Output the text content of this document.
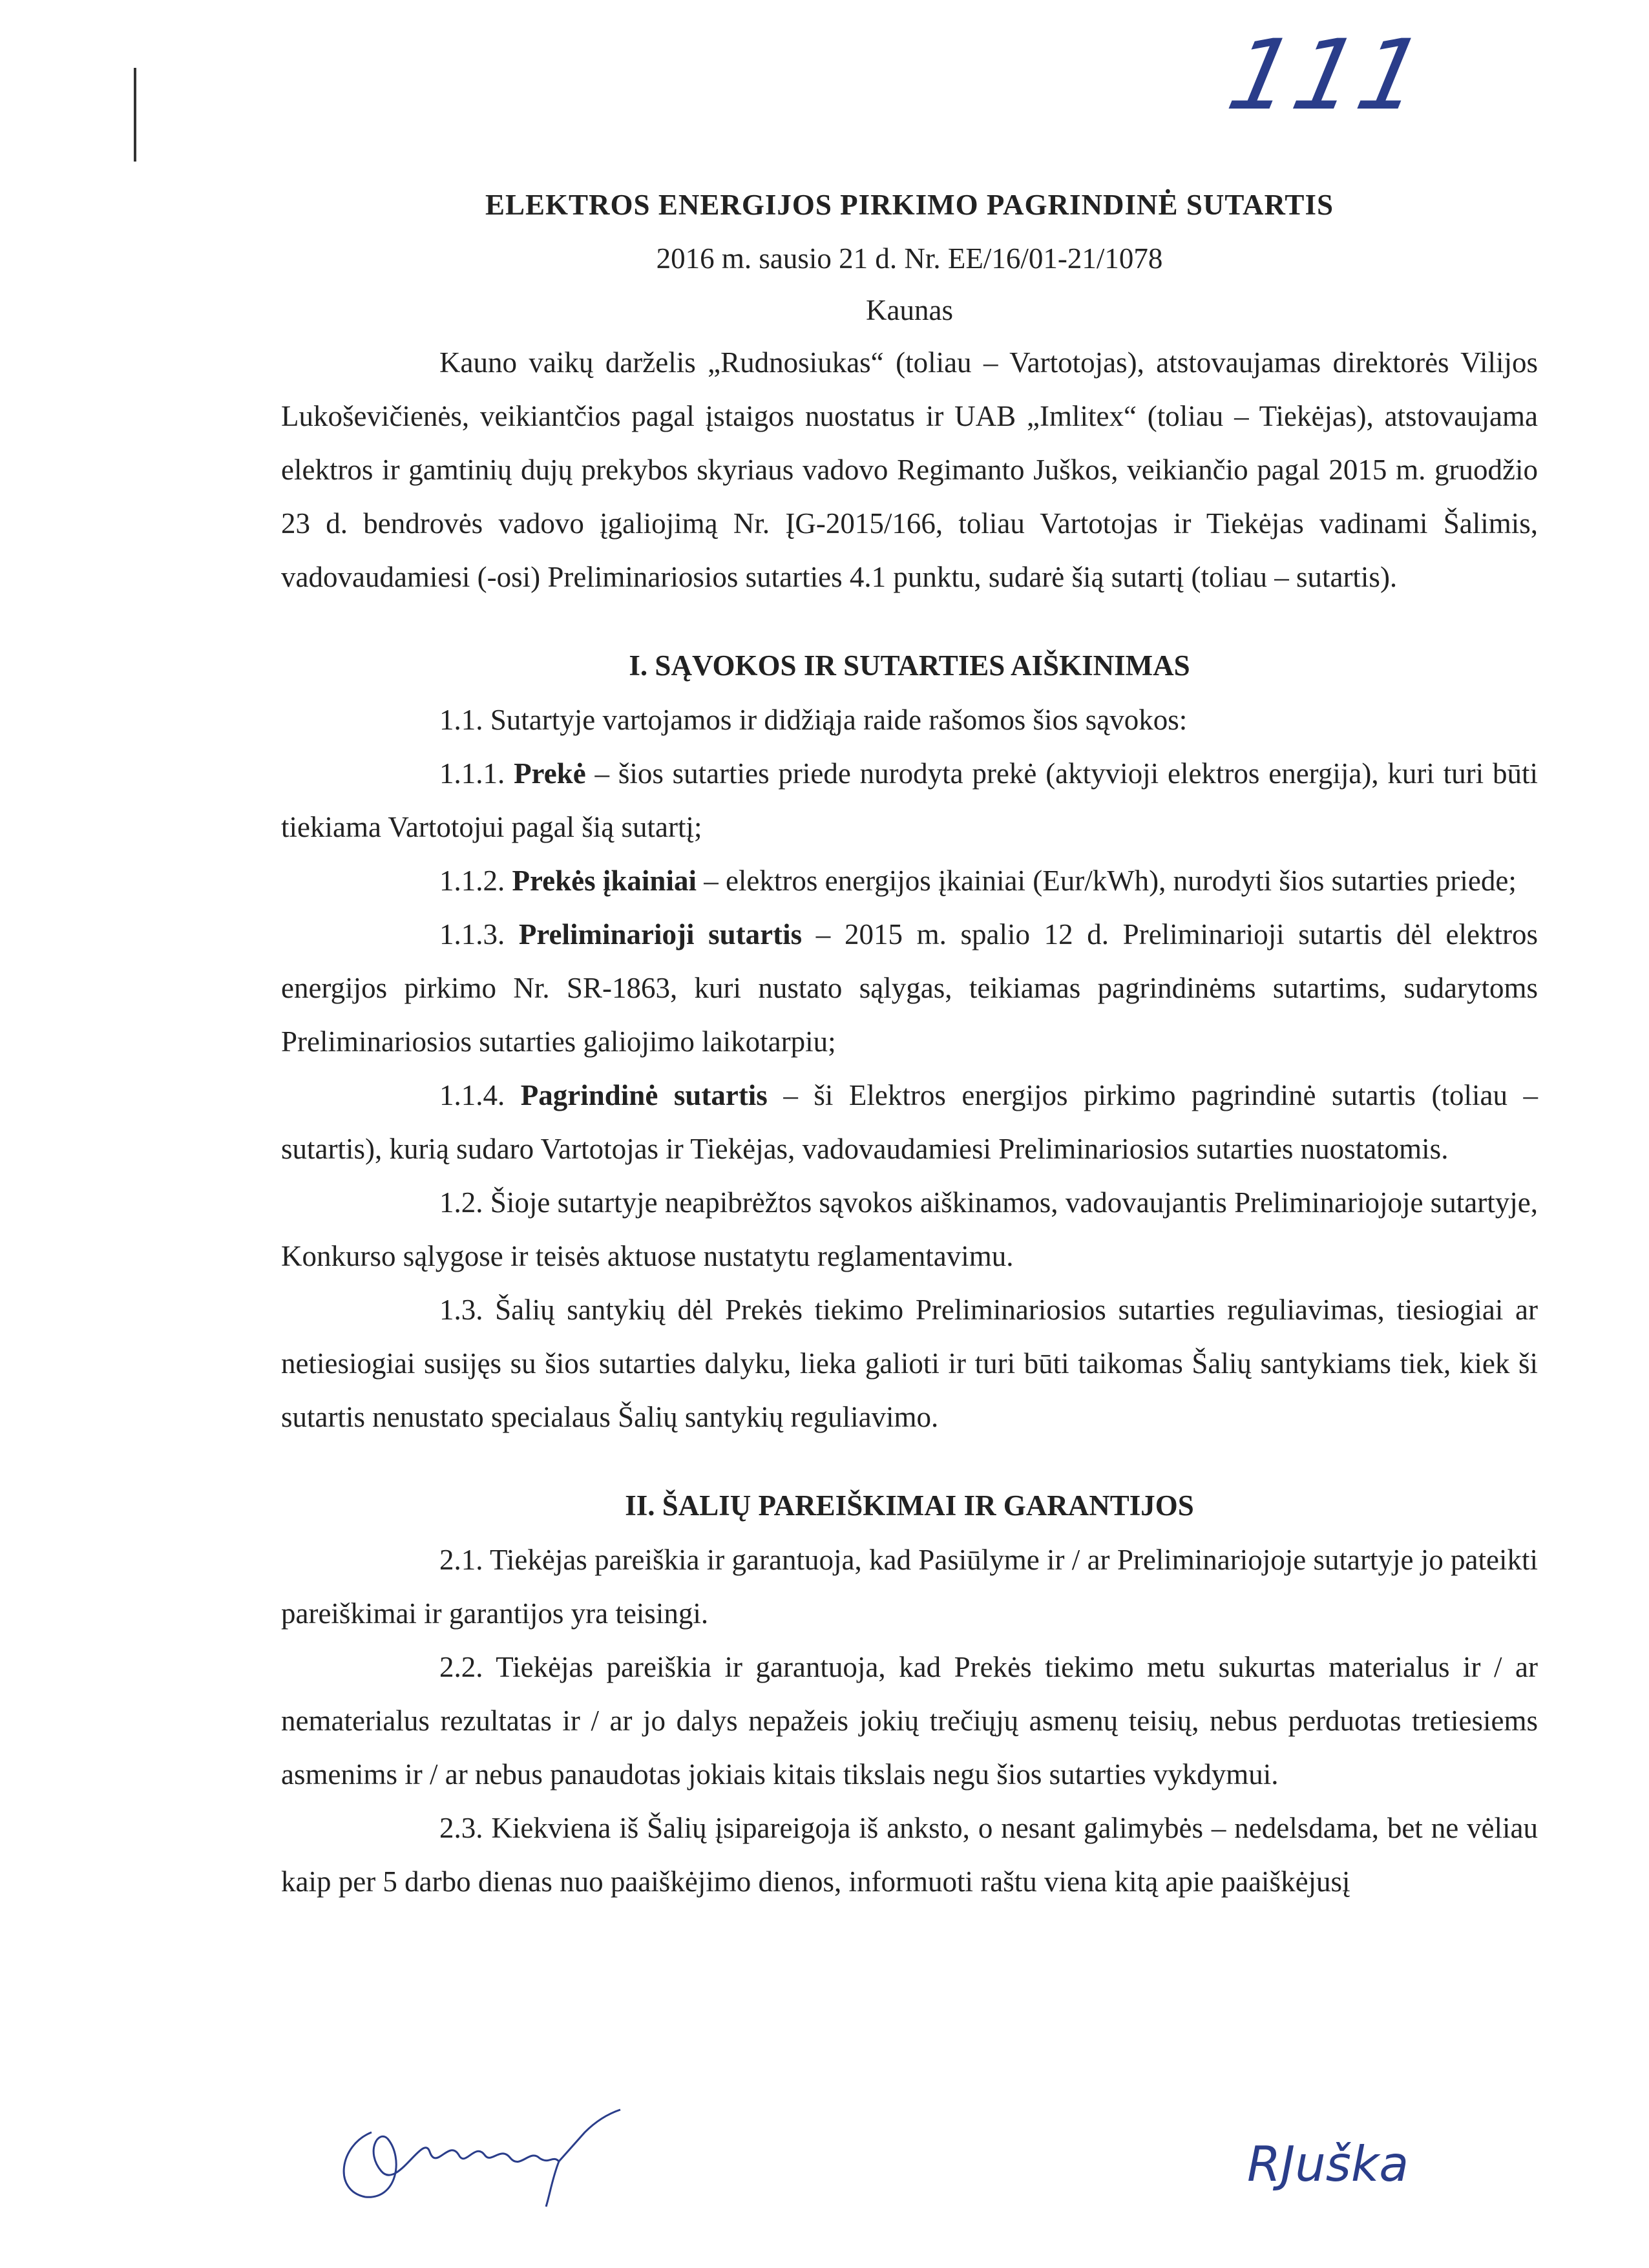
111
ELEKTROS ENERGIJOS PIRKIMO PAGRINDINĖ SUTARTIS
2016 m. sausio 21 d. Nr. EE/16/01-21/1078
Kaunas

Kauno vaikų darželis „Rudnosiukas“ (toliau – Vartotojas), atstovaujamas direktorės Vilijos Lukoševičienės, veikiantčios pagal įstaigos nuostatus ir UAB „Imlitex“ (toliau – Tiekėjas), atstovaujama elektros ir gamtinių dujų prekybos skyriaus vadovo Regimanto Juškos, veikiančio pagal 2015 m. gruodžio 23 d. bendrovės vadovo įgaliojimą Nr. ĮG-2015/166, toliau Vartotojas ir Tiekėjas vadinami Šalimis, vadovaudamiesi (-osi) Preliminariosios sutarties 4.1 punktu, sudarė šią sutartį (toliau – sutartis).

I. SĄVOKOS IR SUTARTIES AIŠKINIMAS

1.1. Sutartyje vartojamos ir didžiąja raide rašomos šios sąvokos:

1.1.1. Prekė – šios sutarties priede nurodyta prekė (aktyvioji elektros energija), kuri turi būti tiekiama Vartotojui pagal šią sutartį;

1.1.2. Prekės įkainiai – elektros energijos įkainiai (Eur/kWh), nurodyti šios sutarties priede;

1.1.3. Preliminarioji sutartis – 2015 m. spalio 12 d. Preliminarioji sutartis dėl elektros energijos pirkimo Nr. SR-1863, kuri nustato sąlygas, teikiamas pagrindinėms sutartims, sudarytoms Preliminariosios sutarties galiojimo laikotarpiu;

1.1.4. Pagrindinė sutartis – ši Elektros energijos pirkimo pagrindinė sutartis (toliau – sutartis), kurią sudaro Vartotojas ir Tiekėjas, vadovaudamiesi Preliminariosios sutarties nuostatomis.

1.2. Šioje sutartyje neapibrėžtos sąvokos aiškinamos, vadovaujantis Preliminariojoje sutartyje, Konkurso sąlygose ir teisės aktuose nustatytu reglamentavimu.

1.3. Šalių santykių dėl Prekės tiekimo Preliminariosios sutarties reguliavimas, tiesiogiai ar netiesiogiai susijęs su šios sutarties dalyku, lieka galioti ir turi būti taikomas Šalių santykiams tiek, kiek ši sutartis nenustato specialaus Šalių santykių reguliavimo.

II. ŠALIŲ PAREIŠKIMAI IR GARANTIJOS

2.1. Tiekėjas pareiškia ir garantuoja, kad Pasiūlyme ir / ar Preliminariojoje sutartyje jo pateikti pareiškimai ir garantijos yra teisingi.

2.2. Tiekėjas pareiškia ir garantuoja, kad Prekės tiekimo metu sukurtas materialus ir / ar nematerialus rezultatas ir / ar jo dalys nepažeis jokių trečiųjų asmenų teisių, nebus perduotas tretiesiems asmenims ir / ar nebus panaudotas jokiais kitais tikslais negu šios sutarties vykdymui.

2.3. Kiekviena iš Šalių įsipareigoja iš anksto, o nesant galimybės – nedelsdama, bet ne vėliau kaip per 5 darbo dienas nuo paaiškėjimo dienos, informuoti raštu viena kitą apie paaiškėjusį

RJuška
